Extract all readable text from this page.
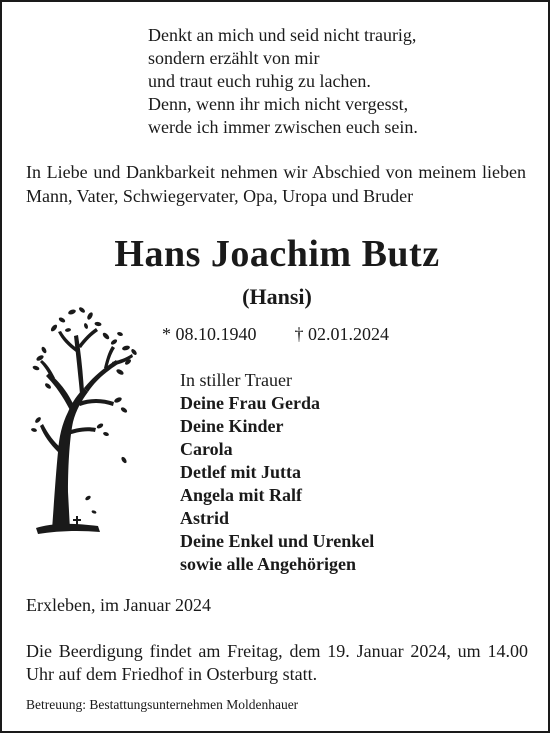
Denkt an mich und seid nicht traurig,
sondern erzählt von mir
und traut euch ruhig zu lachen.
Denn, wenn ihr mich nicht vergesst,
werde ich immer zwischen euch sein.
In Liebe und Dankbarkeit nehmen wir Abschied von meinem lieben Mann, Vater, Schwiegervater, Opa, Uropa und Bruder
Hans Joachim Butz
(Hansi)
* 08.10.1940 † 02.01.2024
In stiller Trauer
Deine Frau Gerda
Deine Kinder
Carola
Detlef mit Jutta
Angela mit Ralf
Astrid
Deine Enkel und Urenkel
sowie alle Angehörigen
Erxleben, im Januar 2024
Die Beerdigung findet am Freitag, dem 19. Januar 2024, um 14.00 Uhr auf dem Friedhof in Osterburg statt.
Betreuung: Bestattungsunternehmen Moldenhauer
